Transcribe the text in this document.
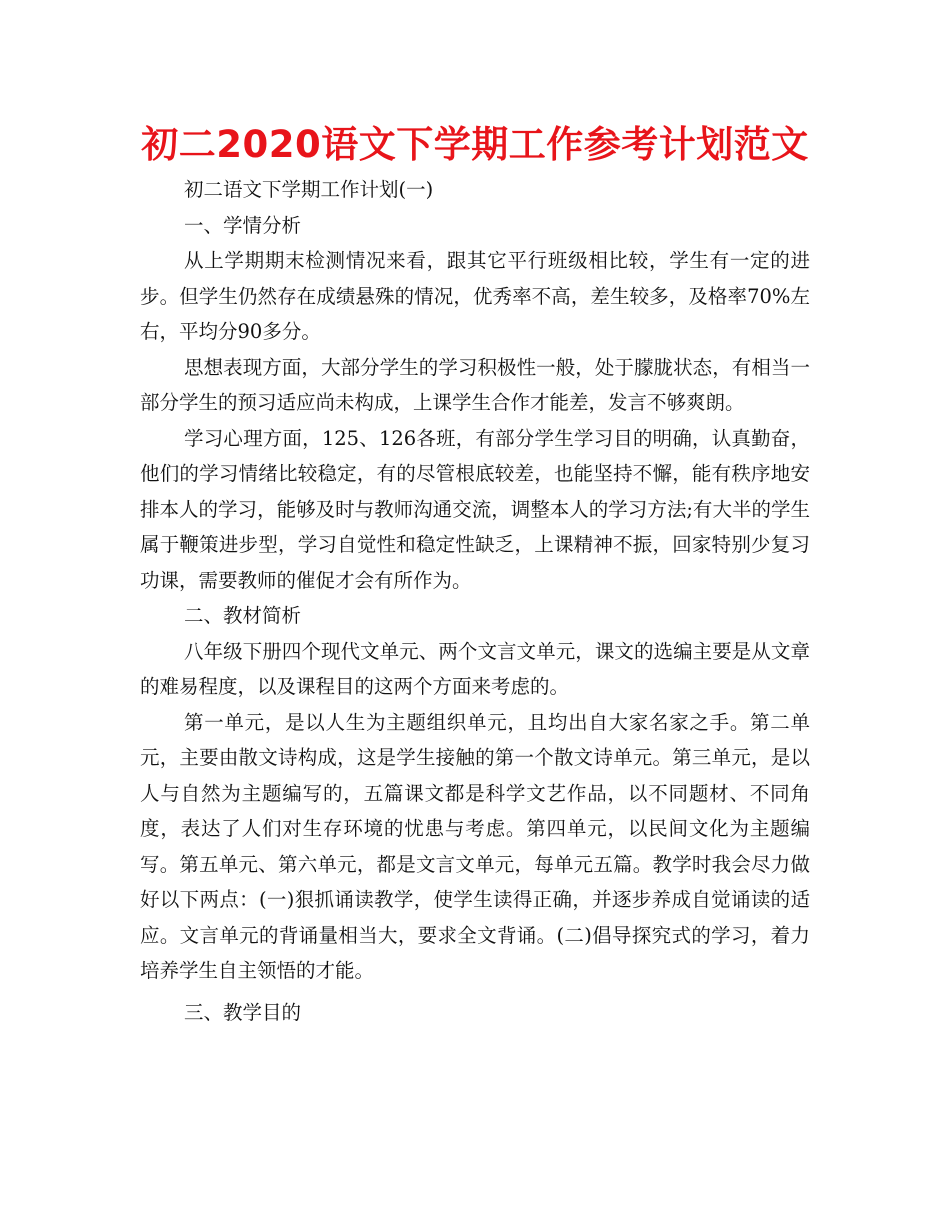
初二2020语文下学期工作参考计划范文

初二语文下学期工作计划(一)

一、学情分析

从上学期期末检测情况来看，跟其它平行班级相比较，学生有一定的进步。但学生仍然存在成绩悬殊的情况，优秀率不高，差生较多，及格率70%左右，平均分90多分。

思想表现方面，大部分学生的学习积极性一般，处于朦胧状态，有相当一部分学生的预习适应尚未构成，上课学生合作才能差，发言不够爽朗。

学习心理方面，125、126各班，有部分学生学习目的明确，认真勤奋，他们的学习情绪比较稳定，有的尽管根底较差，也能坚持不懈，能有秩序地安排本人的学习，能够及时与教师沟通交流，调整本人的学习方法;有大半的学生属于鞭策进步型，学习自觉性和稳定性缺乏，上课精神不振，回家特别少复习功课，需要教师的催促才会有所作为。

二、教材简析

八年级下册四个现代文单元、两个文言文单元，课文的选编主要是从文章的难易程度，以及课程目的这两个方面来考虑的。

第一单元，是以人生为主题组织单元，且均出自大家名家之手。第二单元，主要由散文诗构成，这是学生接触的第一个散文诗单元。第三单元，是以人与自然为主题编写的，五篇课文都是科学文艺作品，以不同题材、不同角度，表达了人们对生存环境的忧患与考虑。第四单元，以民间文化为主题编写。第五单元、第六单元，都是文言文单元，每单元五篇。教学时我会尽力做好以下两点：(一)狠抓诵读教学，使学生读得正确，并逐步养成自觉诵读的适应。文言单元的背诵量相当大，要求全文背诵。(二)倡导探究式的学习，着力培养学生自主领悟的才能。

三、教学目的
